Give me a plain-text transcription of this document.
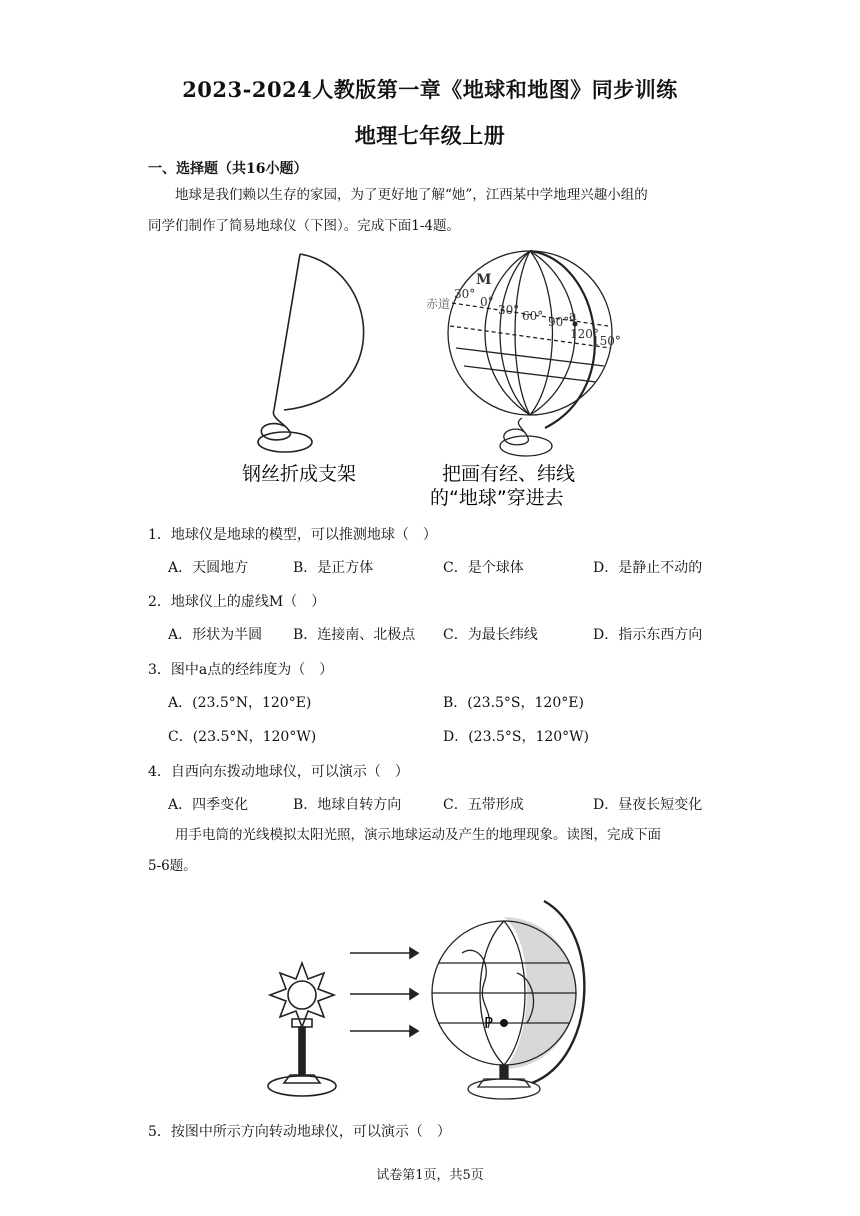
2023-2024人教版第一章《地球和地图》同步训练
地理七年级上册
一、选择题（共16小题）
地球是我们赖以生存的家园，为了更好地了解“她”，江西某中学地理兴趣小组的
同学们制作了简易地球仪（下图）。完成下面1-4题。
钢丝折成支架
M
赤道
30°
0°
30° 60° 90° a
120°
150°
把画有经、纬线
的“地球”穿进去
1．地球仪是地球的模型，可以推测地球（　）
A．天圆地方	B．是正方体	C．是个球体	D．是静止不动的
2．地球仪上的虚线M（　）
A．形状为半圆 B．连接南、北极点 C．为最长纬线	D．指示东西方向
3．图中a点的经纬度为（　）
A．(23.5°N，120°E)	B．(23.5°S，120°E)
C．(23.5°N，120°W)	D．(23.5°S，120°W)
4．自西向东拨动地球仪，可以演示（　）
A．四季变化	B．地球自转方向	C．五带形成	D．昼夜长短变化
用手电筒的光线模拟太阳光照，演示地球运动及产生的地理现象。读图，完成下面
5-6题。
P
5．按图中所示方向转动地球仪，可以演示（　）
试卷第1页，共5页
